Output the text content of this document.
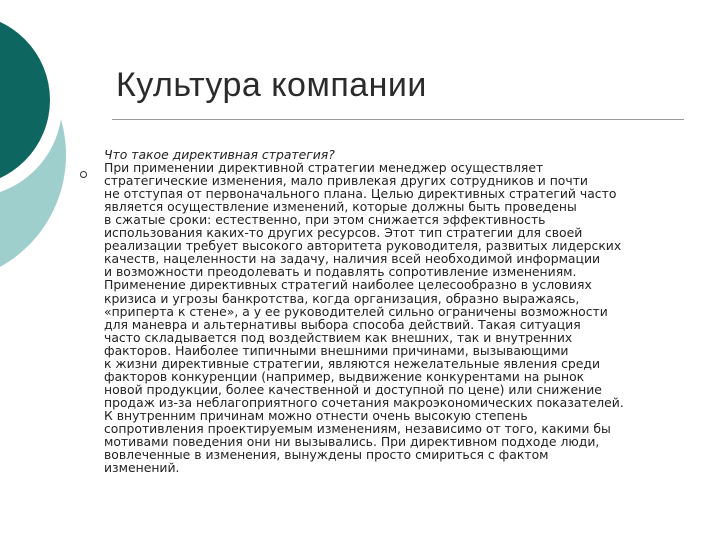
Культура компании
Что такое директивная стратегия?
При применении директивной стратегии менеджер осуществляет
стратегические изменения, мало привлекая других сотрудников и почти
не отступая от первоначального плана. Целью директивных стратегий часто
является осуществление изменений, которые должны быть проведены
в сжатые сроки: естественно, при этом снижается эффективность
использования каких-то других ресурсов. Этот тип стратегии для своей
реализации требует высокого авторитета руководителя, развитых лидерских
качеств, нацеленности на задачу, наличия всей необходимой информации
и возможности преодолевать и подавлять сопротивление изменениям.
Применение директивных стратегий наиболее целесообразно в условиях
кризиса и угрозы банкротства, когда организация, образно выражаясь,
«приперта к стене», а у ее руководителей сильно ограничены возможности
для маневра и альтернативы выбора способа действий. Такая ситуация
часто складывается под воздействием как внешних, так и внутренних
факторов. Наиболее типичными внешними причинами, вызывающими
к жизни директивные стратегии, являются нежелательные явления среди
факторов конкуренции (например, выдвижение конкурентами на рынок
новой продукции, более качественной и доступной по цене) или снижение
продаж из-за неблагоприятного сочетания макроэкономических показателей.
К внутренним причинам можно отнести очень высокую степень
сопротивления проектируемым изменениям, независимо от того, какими бы
мотивами поведения они ни вызывались. При директивном подходе люди,
вовлеченные в изменения, вынуждены просто смириться с фактом
изменений.
